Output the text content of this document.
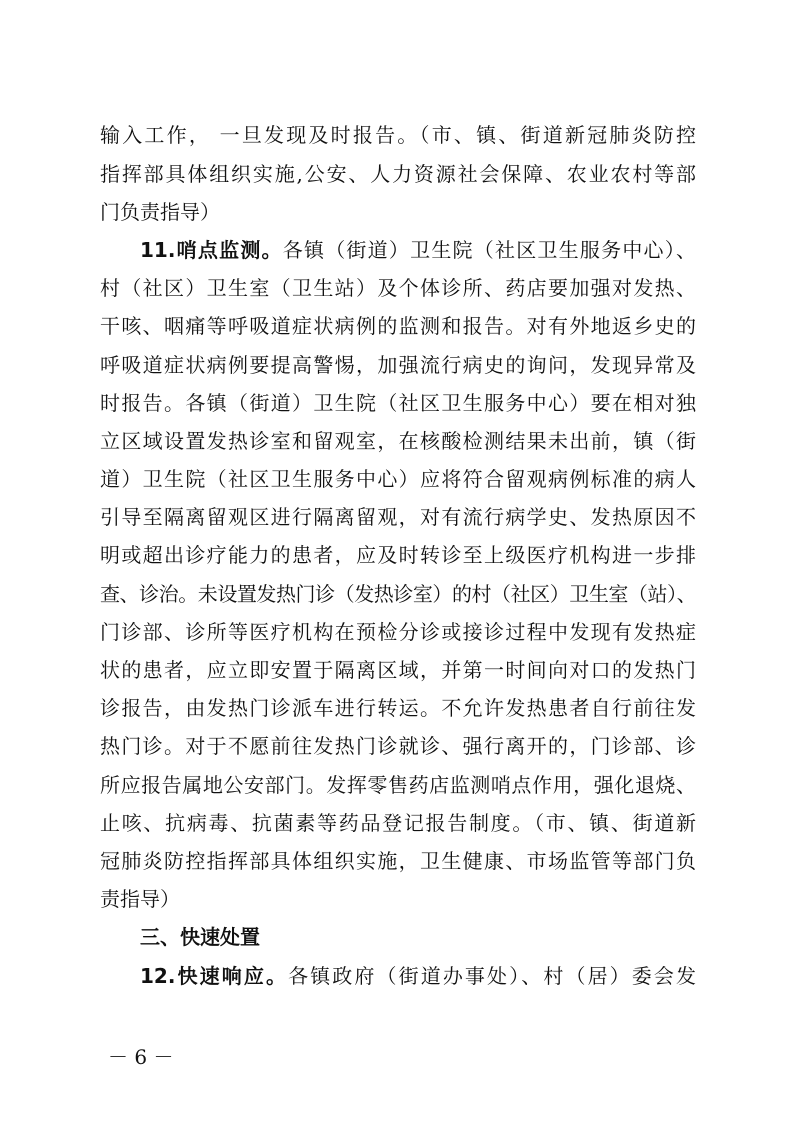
输入工作， 一旦发现及时报告。（市、镇、街道新冠肺炎防控
指挥部具体组织实施,公安、人力资源社会保障、农业农村等部
门负责指导）
11.哨点监测。各镇（街道）卫生院（社区卫生服务中心）、
村（社区）卫生室（卫生站）及个体诊所、药店要加强对发热、
干咳、咽痛等呼吸道症状病例的监测和报告。对有外地返乡史的
呼吸道症状病例要提高警惕，加强流行病史的询问，发现异常及
时报告。各镇（街道）卫生院（社区卫生服务中心）要在相对独
立区域设置发热诊室和留观室，在核酸检测结果未出前，镇（街
道）卫生院（社区卫生服务中心）应将符合留观病例标准的病人
引导至隔离留观区进行隔离留观，对有流行病学史、发热原因不
明或超出诊疗能力的患者，应及时转诊至上级医疗机构进一步排
查、诊治。未设置发热门诊（发热诊室）的村（社区）卫生室（站）、
门诊部、诊所等医疗机构在预检分诊或接诊过程中发现有发热症
状的患者，应立即安置于隔离区域，并第一时间向对口的发热门
诊报告，由发热门诊派车进行转运。不允许发热患者自行前往发
热门诊。对于不愿前往发热门诊就诊、强行离开的，门诊部、诊
所应报告属地公安部门。发挥零售药店监测哨点作用，强化退烧、
止咳、抗病毒、抗菌素等药品登记报告制度。（市、镇、街道新
冠肺炎防控指挥部具体组织实施，卫生健康、市场监管等部门负
责指导）
三、快速处置
12.快速响应。各镇政府（街道办事处）、村（居）委会发
－ 6 －
